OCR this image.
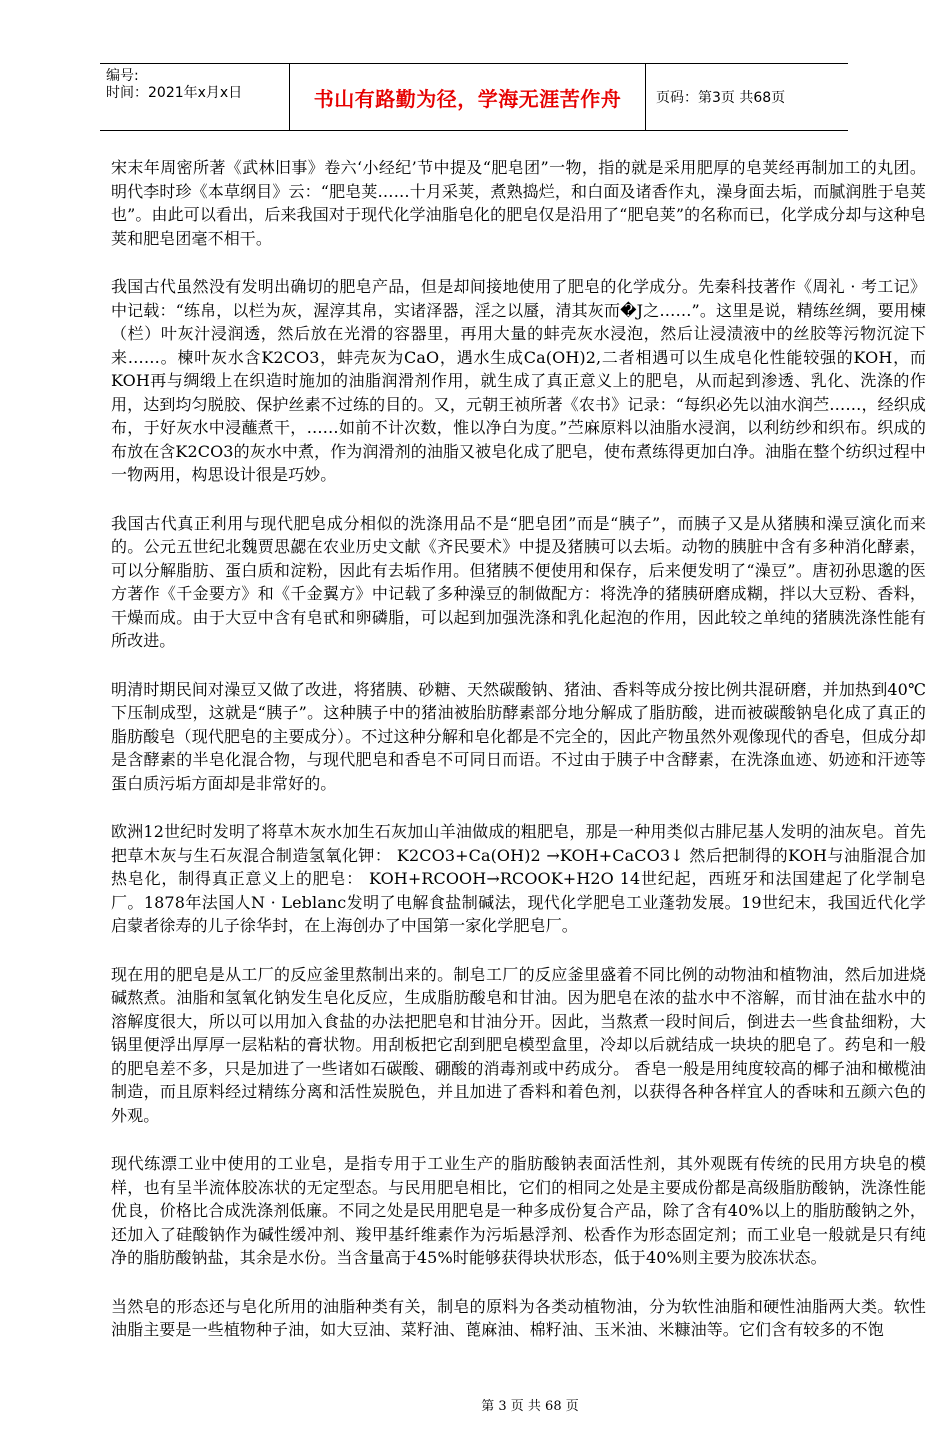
编号:
时间：2021年x月x日	书山有路勤为径，学海无涯苦作舟	页码：第3页 共68页

宋末年周密所著《武林旧事》卷六‘小经纪’节中提及“肥皂团”一物，指的就是采用肥厚的皂荚经再制加工的丸团。明代李时珍《本草纲目》云：“肥皂荚……十月采荚，煮熟捣烂，和白面及诸香作丸，澡身面去垢，而腻润胜于皂荚也”。由此可以看出，后来我国对于现代化学油脂皂化的肥皂仅是沿用了“肥皂荚”的名称而已，化学成分却与这种皂荚和肥皂团毫不相干。

我国古代虽然没有发明出确切的肥皂产品，但是却间接地使用了肥皂的化学成分。先秦科技著作《周礼 · 考工记》中记载：“练帛，以栏为灰，渥淳其帛，实诸泽器，淫之以蜃，清其灰而�J之……”。这里是说，精练丝绸，要用楝（栏）叶灰汁浸润透，然后放在光滑的容器里，再用大量的蚌壳灰水浸泡，然后让浸渍液中的丝胶等污物沉淀下来……。楝叶灰水含K2CO3，蚌壳灰为CaO，遇水生成Ca(OH)2,二者相遇可以生成皂化性能较强的KOH，而KOH再与绸缎上在织造时施加的油脂润滑剂作用，就生成了真正意义上的肥皂，从而起到渗透、乳化、洗涤的作用，达到均匀脱胶、保护丝素不过练的目的。又，元朝王祯所著《农书》记录：“每织必先以油水润苎……，经织成布，于好灰水中浸蘸煮干，……如前不计次数，惟以净白为度。”苎麻原料以油脂水浸润，以利纺纱和织布。织成的布放在含K2CO3的灰水中煮，作为润滑剂的油脂又被皂化成了肥皂，使布煮练得更加白净。油脂在整个纺织过程中一物两用，构思设计很是巧妙。

我国古代真正利用与现代肥皂成分相似的洗涤用品不是“肥皂团”而是“胰子”，而胰子又是从猪胰和澡豆演化而来的。公元五世纪北魏贾思勰在农业历史文献《齐民要术》中提及猪胰可以去垢。动物的胰脏中含有多种消化酵素，可以分解脂肪、蛋白质和淀粉，因此有去垢作用。但猪胰不便使用和保存，后来便发明了“澡豆”。唐初孙思邈的医方著作《千金要方》和《千金翼方》中记载了多种澡豆的制做配方：将洗净的猪胰研磨成糊，拌以大豆粉、香料，干燥而成。由于大豆中含有皂甙和卵磷脂，可以起到加强洗涤和乳化起泡的作用，因此较之单纯的猪胰洗涤性能有所改进。

明清时期民间对澡豆又做了改进，将猪胰、砂糖、天然碳酸钠、猪油、香料等成分按比例共混研磨，并加热到40℃下压制成型，这就是“胰子”。这种胰子中的猪油被胎肪酵素部分地分解成了脂肪酸，进而被碳酸钠皂化成了真正的脂肪酸皂（现代肥皂的主要成分）。不过这种分解和皂化都是不完全的，因此产物虽然外观像现代的香皂，但成分却是含酵素的半皂化混合物，与现代肥皂和香皂不可同日而语。不过由于胰子中含酵素，在洗涤血迹、奶迹和汗迹等蛋白质污垢方面却是非常好的。

欧洲12世纪时发明了将草木灰水加生石灰加山羊油做成的粗肥皂，那是一种用类似古腓尼基人发明的油灰皂。首先把草木灰与生石灰混合制造氢氧化钾： K2CO3+Ca(OH)2 →KOH+CaCO3↓ 然后把制得的KOH与油脂混合加热皂化，制得真正意义上的肥皂： KOH+RCOOH→RCOOK+H2O 14世纪起，西班牙和法国建起了化学制皂厂。1878年法国人N · Leblanc发明了电解食盐制碱法，现代化学肥皂工业蓬勃发展。19世纪末，我国近代化学启蒙者徐寿的儿子徐华封，在上海创办了中国第一家化学肥皂厂。

现在用的肥皂是从工厂的反应釜里熬制出来的。制皂工厂的反应釜里盛着不同比例的动物油和植物油，然后加进烧碱熬煮。油脂和氢氧化钠发生皂化反应，生成脂肪酸皂和甘油。因为肥皂在浓的盐水中不溶解，而甘油在盐水中的溶解度很大，所以可以用加入食盐的办法把肥皂和甘油分开。因此，当熬煮一段时间后，倒进去一些食盐细粉，大锅里便浮出厚厚一层粘粘的膏状物。用刮板把它刮到肥皂模型盒里，冷却以后就结成一块块的肥皂了。药皂和一般的肥皂差不多，只是加进了一些诸如石碳酸、硼酸的消毒剂或中药成分。 香皂一般是用纯度较高的椰子油和橄榄油制造，而且原料经过精练分离和活性炭脱色，并且加进了香料和着色剂，以获得各种各样宜人的香味和五颜六色的外观。

现代练漂工业中使用的工业皂，是指专用于工业生产的脂肪酸钠表面活性剂，其外观既有传统的民用方块皂的模样，也有呈半流体胶冻状的无定型态。与民用肥皂相比，它们的相同之处是主要成份都是高级脂肪酸钠，洗涤性能优良，价格比合成洗涤剂低廉。不同之处是民用肥皂是一种多成份复合产品，除了含有40%以上的脂肪酸钠之外，还加入了硅酸钠作为碱性缓冲剂、羧甲基纤维素作为污垢悬浮剂、松香作为形态固定剂；而工业皂一般就是只有纯净的脂肪酸钠盐，其余是水份。当含量高于45%时能够获得块状形态，低于40%则主要为胶冻状态。

当然皂的形态还与皂化所用的油脂种类有关，制皂的原料为各类动植物油，分为软性油脂和硬性油脂两大类。软性油脂主要是一些植物种子油，如大豆油、菜籽油、蓖麻油、棉籽油、玉米油、米糠油等。它们含有较多的不饱

第 3 页 共 68 页
